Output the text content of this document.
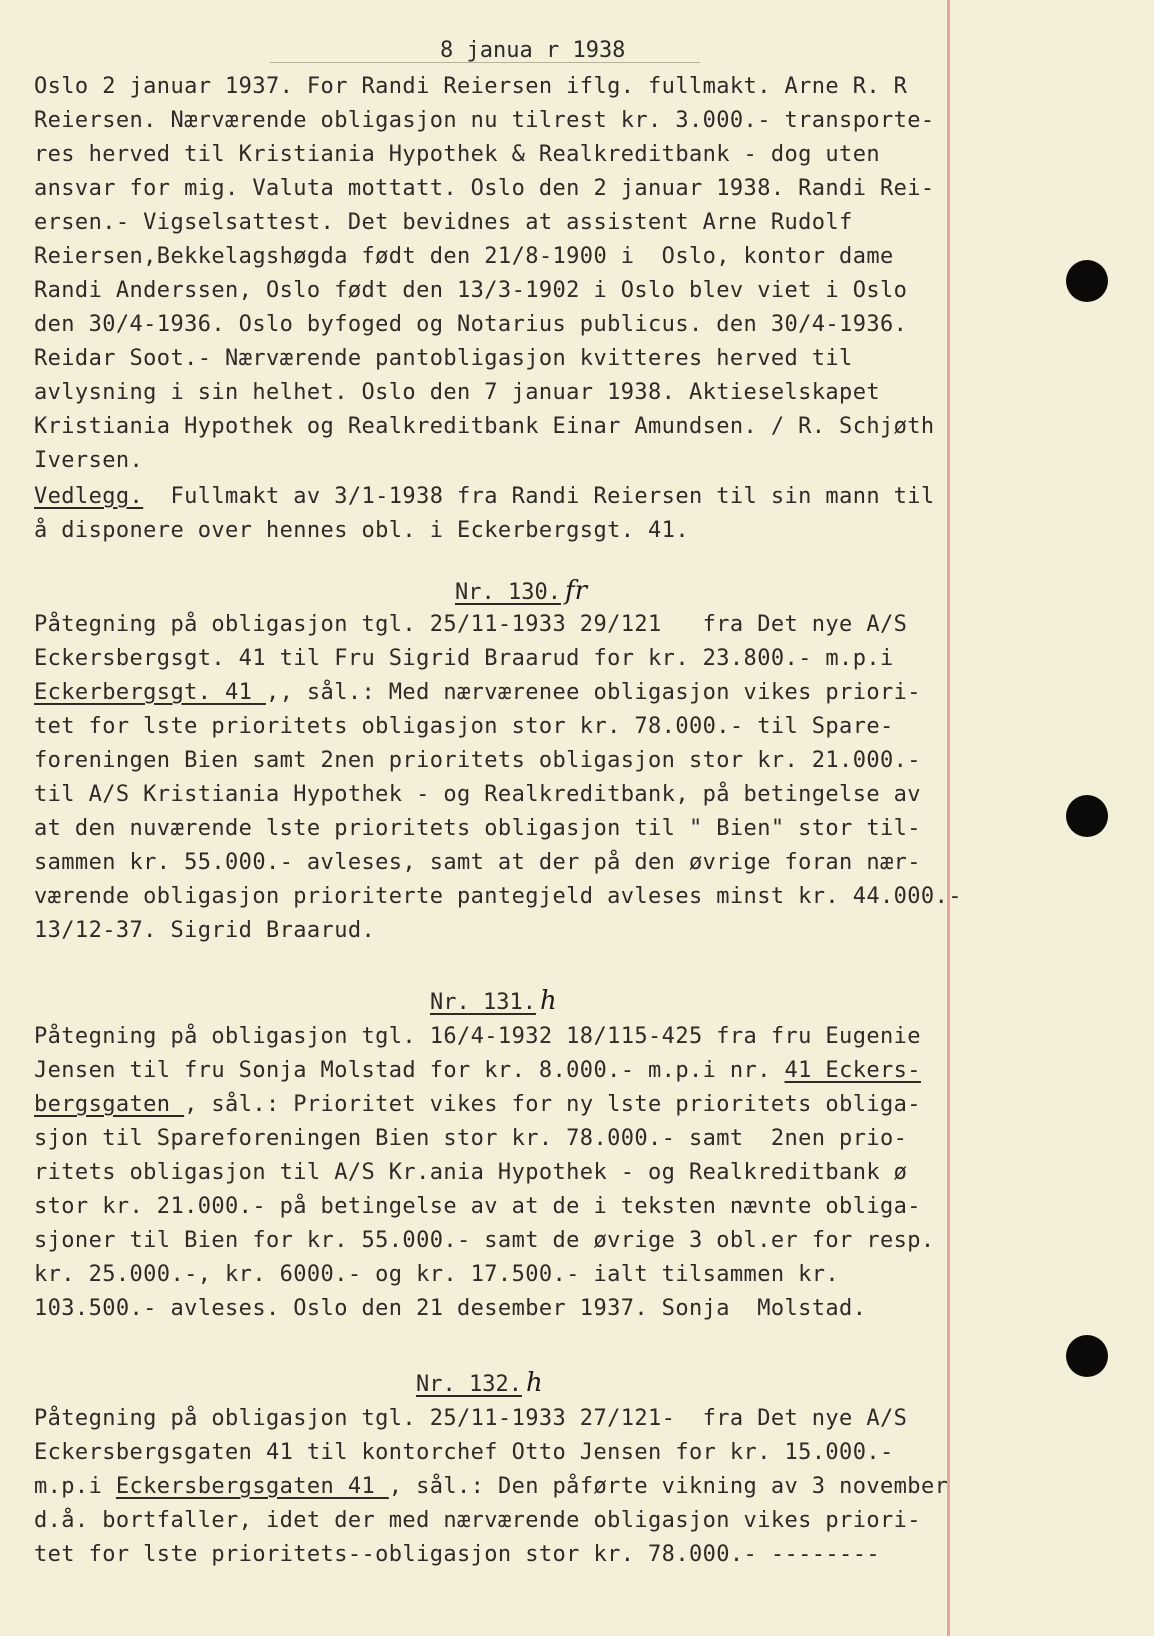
8 janua r 1938
Oslo 2 januar 1937. For Randi Reiersen iflg. fullmakt. Arne R. R
Reiersen. Nærværende obligasjon nu tilrest kr. 3.000.- transporte-
res herved til Kristiania Hypothek & Realkreditbank - dog uten
ansvar for mig. Valuta mottatt. Oslo den 2 januar 1938. Randi Rei-
ersen.- Vigselsattest. Det bevidnes at assistent Arne Rudolf
Reiersen,Bekkelagshøgda født den 21/8-1900 i  Oslo, kontor dame
Randi Anderssen, Oslo født den 13/3-1902 i Oslo blev viet i Oslo
den 30/4-1936. Oslo byfoged og Notarius publicus. den 30/4-1936.
Reidar Soot.- Nærværende pantobligasjon kvitteres herved til
avlysning i sin helhet. Oslo den 7 januar 1938. Aktieselskapet
Kristiania Hypothek og Realkreditbank Einar Amundsen. / R. Schjøth
Iversen.
Vedlegg.  Fullmakt av 3/1-1938 fra Randi Reiersen til sin mann til
å disponere over hennes obl. i Eckerbergsgt. 41.
Nr. 130. fr
Påtegning på obligasjon tgl. 25/11-1933 29/121   fra Det nye A/S
Eckersbergsgt. 41 til Fru Sigrid Braarud for kr. 23.800.- m.p.i
Eckerbergsgt. 41 ,, sål.: Med nærværenee obligasjon vikes priori-
tet for lste prioritets obligasjon stor kr. 78.000.- til Spare-
foreningen Bien samt 2nen prioritets obligasjon stor kr. 21.000.-
til A/S Kristiania Hypothek - og Realkreditbank, på betingelse av
at den nuværende lste prioritets obligasjon til " Bien" stor til-
sammen kr. 55.000.- avleses, samt at der på den øvrige foran nær-
værende obligasjon prioriterte pantegjeld avleses minst kr. 44.000.-
13/12-37. Sigrid Braarud.
Nr. 131. h
Påtegning på obligasjon tgl. 16/4-1932 18/115-425 fra fru Eugenie
Jensen til fru Sonja Molstad for kr. 8.000.- m.p.i nr. 41 Eckers-
bergsgaten , sål.: Prioritet vikes for ny lste prioritets obliga-
sjon til Spareforeningen Bien stor kr. 78.000.- samt  2nen prio-
ritets obligasjon til A/S Kr.ania Hypothek - og Realkreditbank ø
stor kr. 21.000.- på betingelse av at de i teksten nævnte obliga-
sjoner til Bien for kr. 55.000.- samt de øvrige 3 obl.er for resp.
kr. 25.000.-, kr. 6000.- og kr. 17.500.- ialt tilsammen kr.
103.500.- avleses. Oslo den 21 desember 1937. Sonja  Molstad.
Nr. 132. h
Påtegning på obligasjon tgl. 25/11-1933 27/121-  fra Det nye A/S
Eckersbergsgaten 41 til kontorchef Otto Jensen for kr. 15.000.-
m.p.i Eckersbergsgaten 41 , sål.: Den påførte vikning av 3 november
d.å. bortfaller, idet der med nærværende obligasjon vikes priori-
tet for lste prioritets--obligasjon stor kr. 78.000.- --------
